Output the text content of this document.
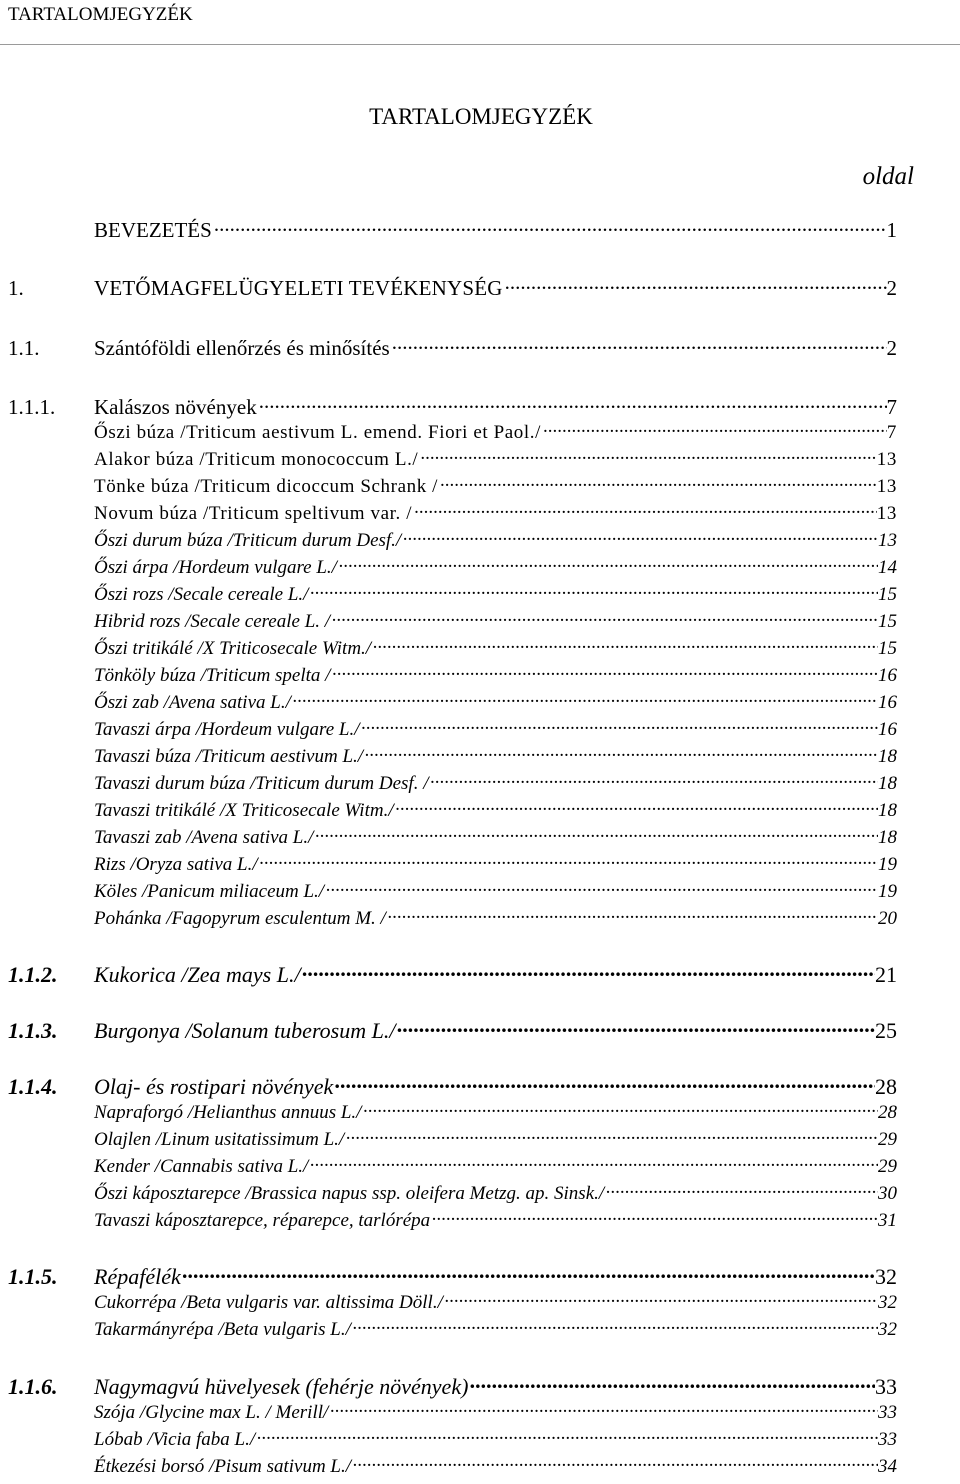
TARTALOMJEGYZÉK
TARTALOMJEGYZÉK
oldal
BEVEZETÉS .....	1
1.	VETŐMAGFELÜGYELETI TEVÉKENYSÉG .....	2
1.1.	Szántóföldi ellenőrzés és minősítés .....	2
1.1.1.	Kalászos növények .....	7
Őszi búza /Triticum aestivum L. emend. Fiori et Paol./ .....	7
Alakor búza /Triticum monococcum L./ .....	13
Tönke búza /Triticum dicoccum Schrank / .....	13
Novum búza /Triticum speltivum var. / .....	13
Őszi durum búza /Triticum durum Desf./ .....	13
Őszi árpa /Hordeum vulgare L./ .....	14
Őszi rozs /Secale cereale L./ .....	15
Hibrid rozs /Secale cereale L. / .....	15
Őszi tritikálé /X Triticosecale Witm./ .....	15
Tönköly búza /Triticum spelta / .....	16
Őszi zab /Avena sativa L./ .....	16
Tavaszi árpa /Hordeum vulgare L./ .....	16
Tavaszi búza /Triticum aestivum L./ .....	18
Tavaszi durum búza /Triticum durum Desf. / .....	18
Tavaszi tritikálé /X Triticosecale Witm./ .....	18
Tavaszi zab /Avena sativa L./ .....	18
Rizs /Oryza sativa L./ .....	19
Köles /Panicum miliaceum L./ .....	19
Pohánka /Fagopyrum esculentum M. / .....	20
1.1.2.	Kukorica /Zea mays L./ .....	21
1.1.3.	Burgonya /Solanum tuberosum L./ .....	25
1.1.4.	Olaj- és rostipari növények .....	28
Napraforgó /Helianthus annuus L./ .....	28
Olajlen /Linum usitatissimum L./ .....	29
Kender /Cannabis sativa L./ .....	29
Őszi káposztarepce /Brassica napus ssp. oleifera Metzg. ap. Sinsk./ .....	30
Tavaszi káposztarepce, réparepce, tarlórépa .....	31
1.1.5.	Répafélék .....	32
Cukorrépa /Beta vulgaris var. altissima Döll./ .....	32
Takarmányrépa /Beta vulgaris L./ .....	32
1.1.6.	Nagymagvú hüvelyesek (fehérje növények) .....	33
Szója /Glycine max L. / Merill/ .....	33
Lóbab /Vicia faba L./ .....	33
Étkezési borsó /Pisum sativum L./ .....	34
